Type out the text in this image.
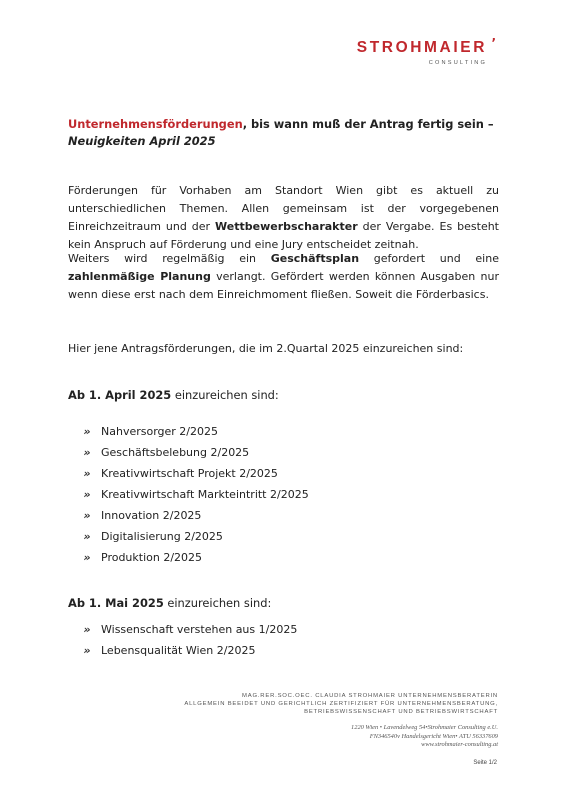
STROHMAIER ’
CONSULTING
Unternehmensförderungen, bis wann muß der Antrag fertig sein –
Neuigkeiten April 2025

Förderungen für Vorhaben am Standort Wien gibt es aktuell zu unterschiedlichen Themen. Allen gemeinsam ist der vorgegebenen Einreichzeitraum und der Wettbewerbscharakter der Vergabe. Es besteht kein Anspruch auf Förderung und eine Jury entscheidet zeitnah.

Weiters wird regelmäßig ein Geschäftsplan gefordert und eine zahlenmäßige Planung verlangt. Gefördert werden können Ausgaben nur wenn diese erst nach dem Einreichmoment fließen. Soweit die Förderbasics.

Hier jene Antragsförderungen, die im 2.Quartal 2025 einzureichen sind:

Ab 1. April 2025 einzureichen sind:
» Nahversorger 2/2025
» Geschäftsbelebung 2/2025
» Kreativwirtschaft Projekt 2/2025
» Kreativwirtschaft Markteintritt 2/2025
» Innovation 2/2025
» Digitalisierung 2/2025
» Produktion 2/2025
Ab 1. Mai 2025 einzureichen sind:
» Wissenschaft verstehen aus 1/2025
» Lebensqualität Wien 2/2025
MAG.RER.SOC.OEC. CLAUDIA STROHMAIER UNTERNEHMENSBERATERIN
ALLGEMEIN BEEIDET UND GERICHTLICH ZERTIFIZIERT FÜR UNTERNEHMENSBERATUNG,
BETRIEBSWISSENSCHAFT UND BETRIEBSWIRTSCHAFT
1220 Wien • Lavendelweg 54•Strohmaier Consulting e.U.
FN346540v Handelsgericht Wien• ATU 56337609
www.strohmaier-consulting.at
Seite 1/2
